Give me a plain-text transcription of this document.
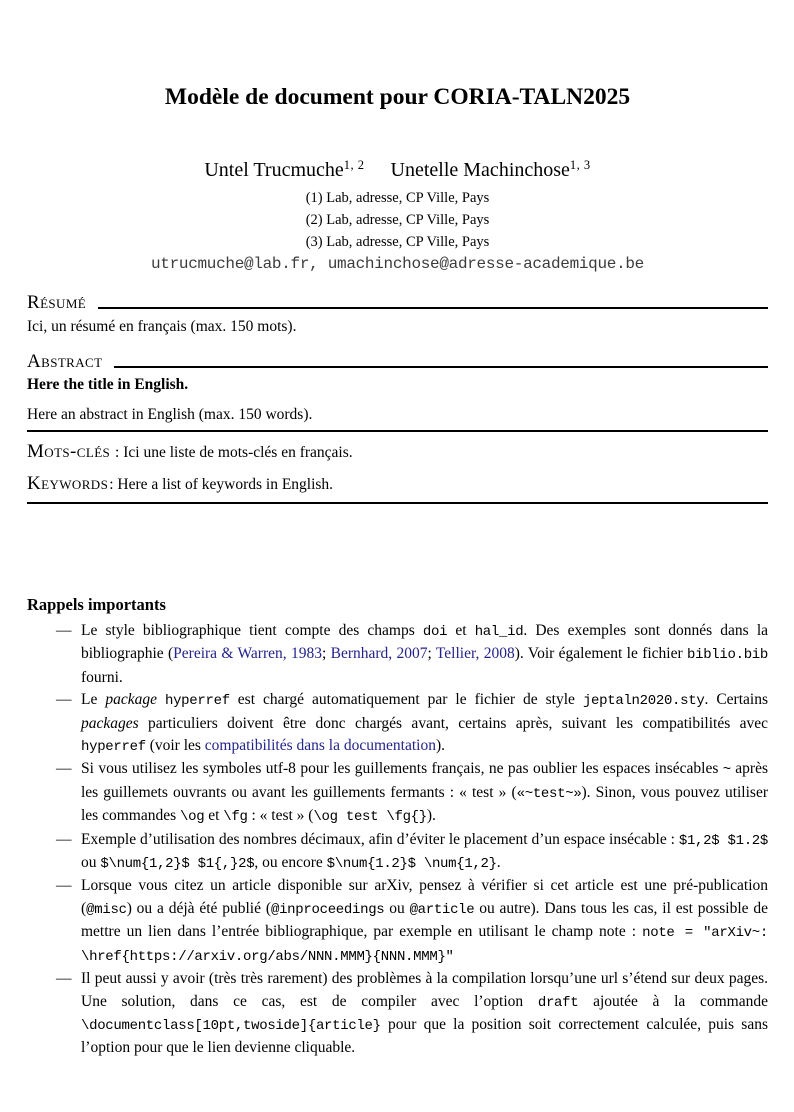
Modèle de document pour CORIA-TALN2025
Untel Trucmuche$^{1, 2}$ Unetelle Machinchose$^{1, 3}$
(1) Lab, adresse, CP Ville, Pays
(2) Lab, adresse, CP Ville, Pays
(3) Lab, adresse, CP Ville, Pays
utrucmuche@lab.fr, umachinchose@adresse-academique.be
Résumé
Ici, un résumé en français (max. 150 mots).
Abstract
Here the title in English.
Here an abstract in English (max. 150 words).
Mots-clés : Ici une liste de mots-clés en français.
Keywords: Here a list of keywords in English.
Rappels importants
— Le style bibliographique tient compte des champs doi et hal_id. Des exemples sont donnés dans la bibliographie (Pereira & Warren, 1983; Bernhard, 2007; Tellier, 2008). Voir également le fichier biblio.bib fourni.
— Le package hyperref est chargé automatiquement par le fichier de style jeptaln2020.sty. Certains packages particuliers doivent être donc chargés avant, certains après, suivant les compatibilités avec hyperref (voir les compatibilités dans la documentation).
— Si vous utilisez les symboles utf-8 pour les guillements français, ne pas oublier les espaces insécables ~ après les guillemets ouvrants ou avant les guillements fermants : « test » («~test~»). Sinon, vous pouvez utiliser les commandes \og et \fg : « test » (\og test \fg{}).
— Exemple d’utilisation des nombres décimaux, afin d’éviter le placement d’un espace insécable : $1,2$ $1.2$ ou $\num{1,2}$ $1{,}2$, ou encore $\num{1.2}$ \num{1,2}.
— Lorsque vous citez un article disponible sur arXiv, pensez à vérifier si cet article est une pré-publication (@misc) ou a déjà été publié (@inproceedings ou @article ou autre). Dans tous les cas, il est possible de mettre un lien dans l’entrée bibliographique, par exemple en utilisant le champ note : note = "arXiv~: \href{https://arxiv.org/abs/NNN.MMM}{NNN.MMM}"
— Il peut aussi y avoir (très très rarement) des problèmes à la compilation lorsqu’une url s’étend sur deux pages. Une solution, dans ce cas, est de compiler avec l’option draft ajoutée à la commande \documentclass[10pt,twoside]{article} pour que la position soit correctement calculée, puis sans l’option pour que le lien devienne cliquable.
